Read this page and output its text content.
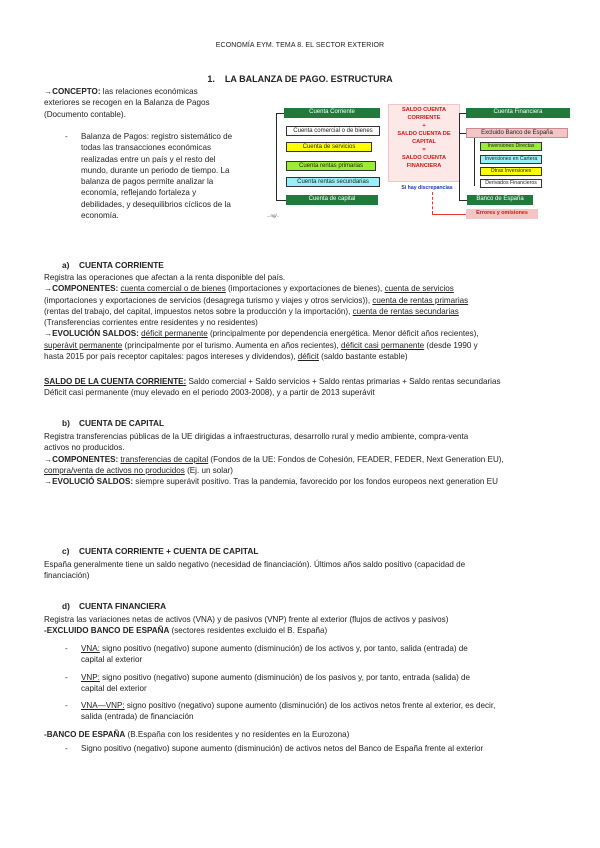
ECONOMÍA EYM. TEMA 8. EL SECTOR EXTERIOR
1. LA BALANZA DE PAGO. ESTRUCTURA

→CONCEPTO: las relaciones económicas

exteriores se recogen en la Balanza de Pagos

(Documento contable).

- Balanza de Pagos: registro sistemático de

todas las transacciones económicas

realizadas entre un país y el resto del

mundo, durante un periodo de tiempo. La

balanza de pagos permite analizar la

economía, reflejando fortaleza y

debilidades, y desequilibrios cíclicos de la

economía.

Cuenta Corriente
Cuenta comercial o de bienes
Cuenta de servicios
Cuenta rentas primarias
Cuenta rentas secundarias
Cuenta de capital
→ng/..
SALDO CUENTA
CORRIENTE
+
SALDO CUENTA DE
CAPITAL
=
SALDO CUENTA
FINANCIERA
Si hay discrepancias
Cuenta Financiera
Excluido Banco de España
Inversiones Directas
Inversiones en Cartera
Otras Inversiones
Derivados Financieros
Banco de España
Errores y omisiones
a) CUENTA CORRIENTE

Registra las operaciones que afectan a la renta disponible del país.

→COMPONENTES: cuenta comercial o de bienes (importaciones y exportaciones de bienes), cuenta de servicios

(importaciones y exportaciones de servicios (desagrega turismo y viajes y otros servicios)), cuenta de rentas primarias

(rentas del trabajo, del capital, impuestos netos sobre la producción y la importación), cuenta de rentas secundarias

(Transferencias corrientes entre residentes y no residentes)

→EVOLUCIÓN SALDOS: déficit permanente (principalmente por dependencia energética. Menor déficit años recientes),

superávit permanente (principalmente por el turismo. Aumenta en años recientes), déficit casi permanente (desde 1990 y

hasta 2015 por país receptor capitales: pagos intereses y dividendos), déficit (saldo bastante estable)

SALDO DE LA CUENTA CORRIENTE: Saldo comercial + Saldo servicios + Saldo rentas primarias + Saldo rentas secundarias

Déficit casi permanente (muy elevado en el periodo 2003-2008), y a partir de 2013 superávit

b) CUENTA DE CAPITAL

Registra transferencias públicas de la UE dirigidas a infraestructuras, desarrollo rural y medio ambiente, compra-venta

activos no producidos.

→COMPONENTES: transferencias de capital (Fondos de la UE: Fondos de Cohesión, FEADER, FEDER, Next Generation EU),

compra/venta de activos no producidos (Ej. un solar)

→EVOLUCIÓ SALDOS: siempre superávit positivo. Tras la pandemia, favorecido por los fondos europeos next generation EU

c) CUENTA CORRIENTE + CUENTA DE CAPITAL

España generalmente tiene un saldo negativo (necesidad de financiación). Últimos años saldo positivo (capacidad de

financiación)

d) CUENTA FINANCIERA

Registra las variaciones netas de activos (VNA) y de pasivos (VNP) frente al exterior (flujos de activos y pasivos)

-EXCLUIDO BANCO DE ESPAÑA (sectores residentes excluido el B. España)

- VNA: signo positivo (negativo) supone aumento (disminución) de los activos y, por tanto, salida (entrada) de

capital al exterior

- VNP: signo positivo (negativo) supone aumento (disminución) de los pasivos y, por tanto, entrada (salida) de

capital del exterior

- VNA—VNP: signo positivo (negativo) supone aumento (disminución) de los activos netos frente al exterior, es decir,

salida (entrada) de financiación

-BANCO DE ESPAÑA (B.España con los residentes y no residentes en la Eurozona)

- Signo positivo (negativo) supone aumento (disminución) de activos netos del Banco de España frente al exterior
